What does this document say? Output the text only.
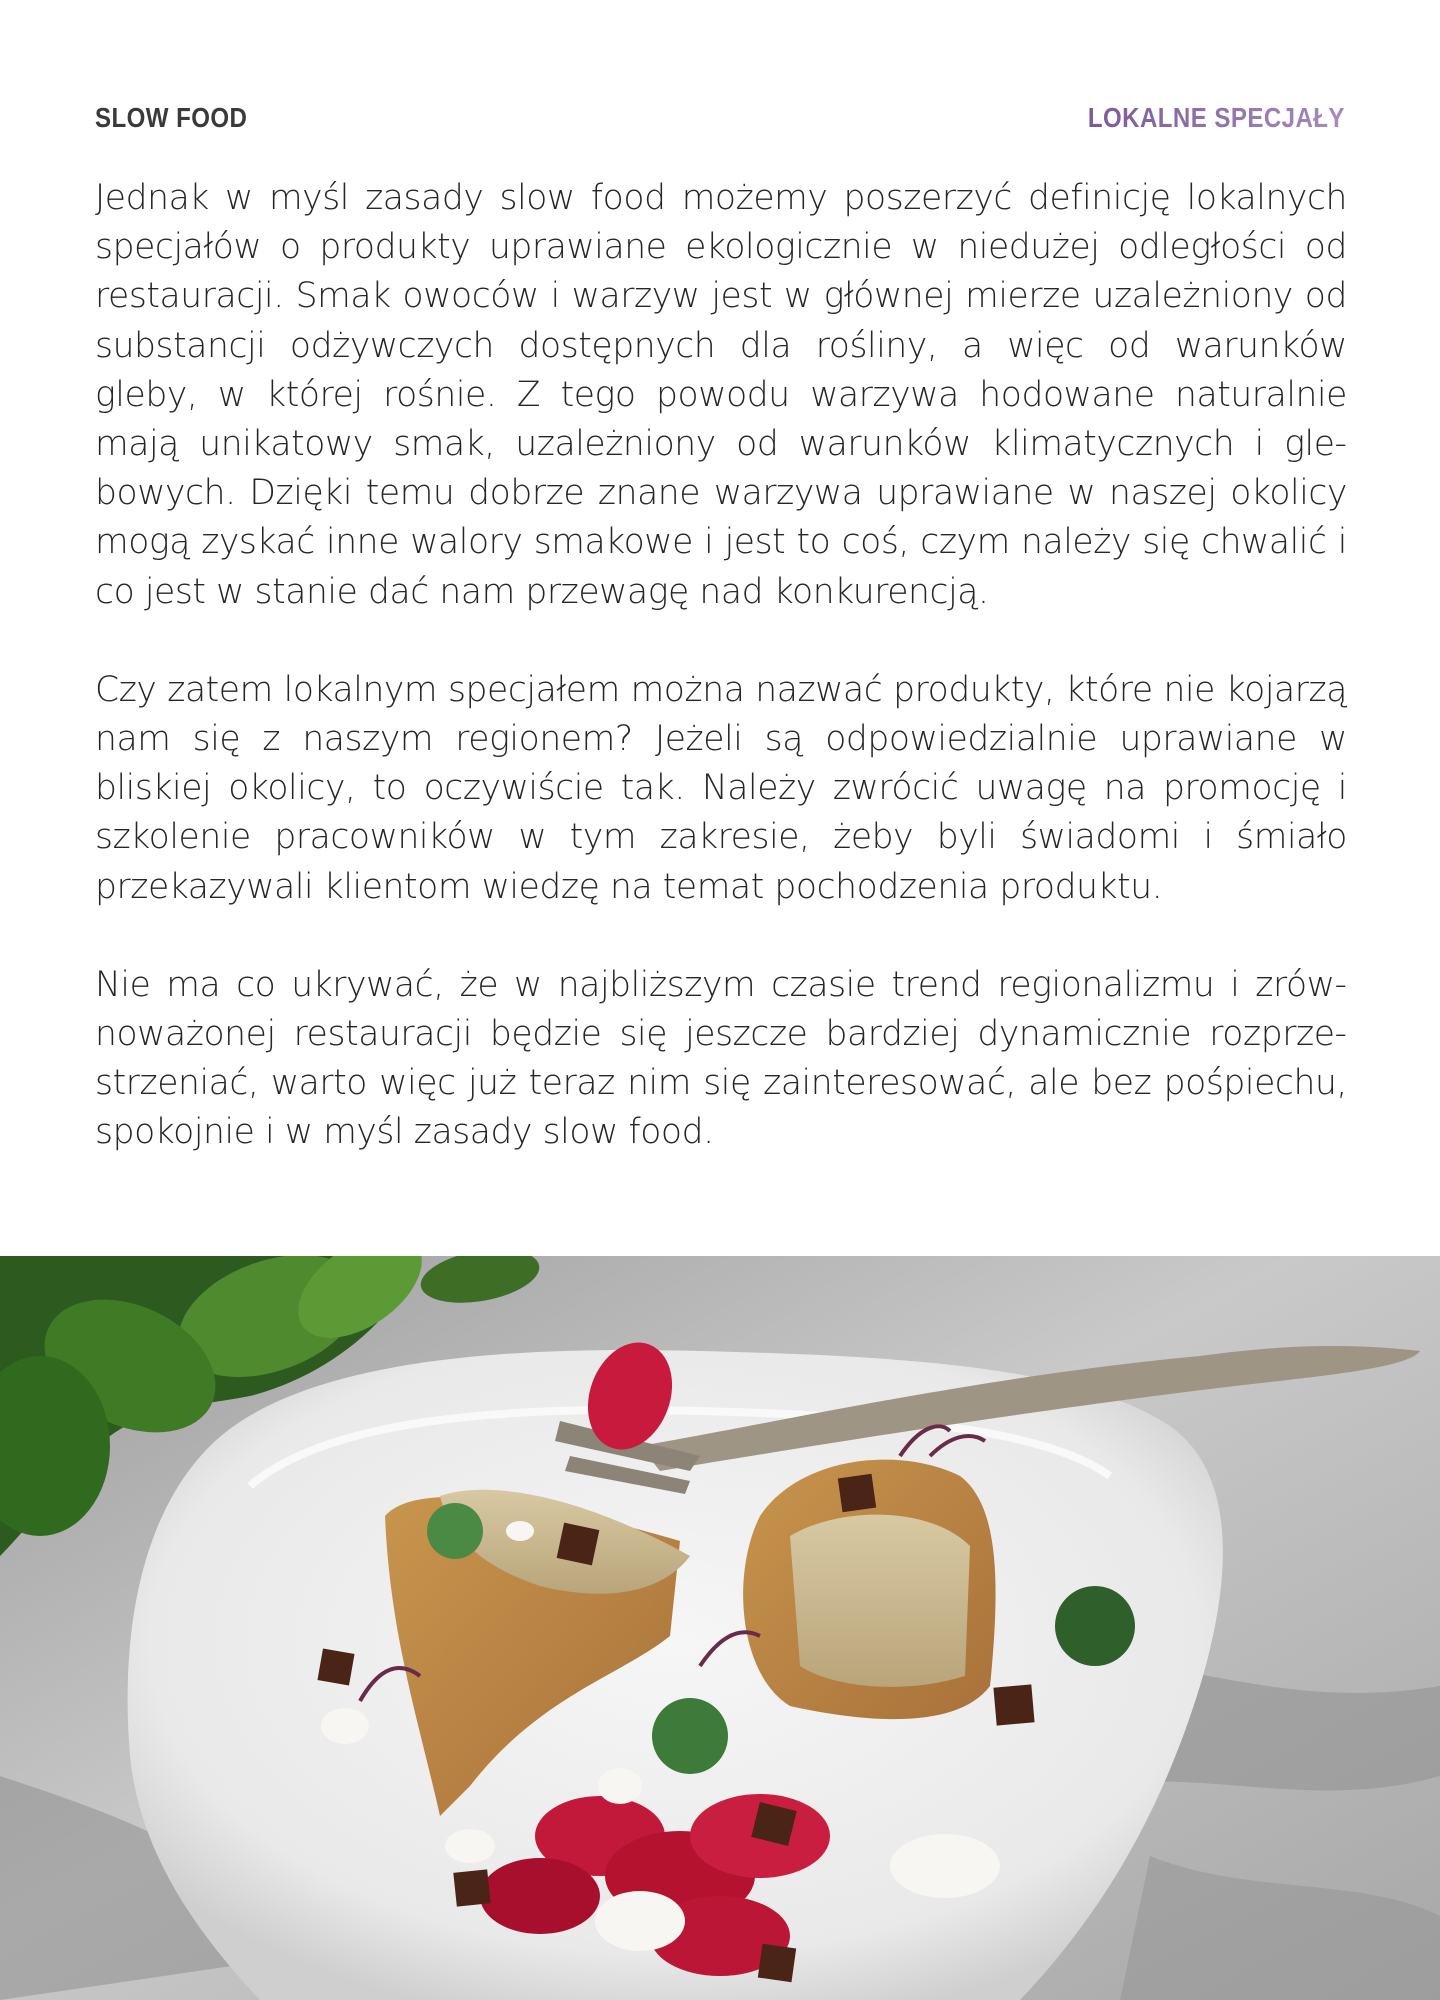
SLOW FOOD	LOKALNE SPECJAŁY

Jednak w myśl zasady slow food możemy poszerzyć definicję lokalnych specjałów o produkty uprawiane ekologicznie w niedużej odległości od restauracji. Smak owoców i warzyw jest w głównej mierze uzależniony od substancji odżywczych dostępnych dla rośliny, a więc od warunków gleby, w której rośnie. Z tego powodu warzywa hodowane naturalnie mają unikatowy smak, uzależniony od warunków klimatycznych i glebowych. Dzięki temu dobrze znane warzywa uprawiane w naszej okolicy mogą zyskać inne walory smakowe i jest to coś, czym należy się chwalić i co jest w stanie dać nam przewagę nad konkurencją.

Czy zatem lokalnym specjałem można nazwać produkty, które nie kojarzą nam się z naszym regionem? Jeżeli są odpowiedzialnie uprawiane w bliskiej okolicy, to oczywiście tak. Należy zwrócić uwagę na promocję i szkolenie pracowników w tym zakresie, żeby byli świadomi i śmiało przekazywali klientom wiedzę na temat pochodzenia produktu.

Nie ma co ukrywać, że w najbliższym czasie trend regionalizmu i zrównoważonej restauracji będzie się jeszcze bardziej dynamicznie rozprzestrzeniać, warto więc już teraz nim się zainteresować, ale bez pośpiechu, spokojnie i w myśl zasady slow food.
